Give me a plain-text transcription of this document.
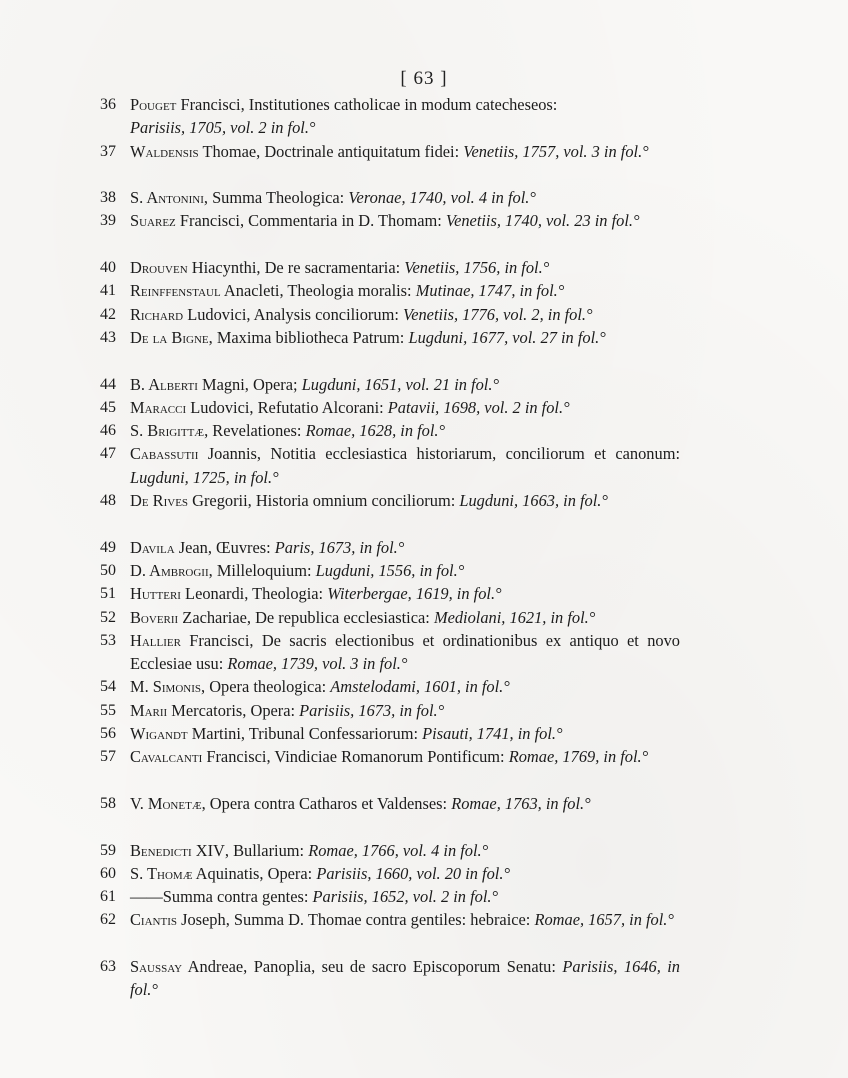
[ 63 ]
36 Pouget Francisci, Institutiones catholicae in modum catecheseos:
Parisiis, 1705, vol. 2 in fol.°
37 Waldensis Thomae, Doctrinale antiquitatum fidei: Venetiis, 1757, vol. 3 in fol.°
38 S. Antonini, Summa Theologica: Veronae, 1740, vol. 4 in fol.°
39 Suarez Francisci, Commentaria in D. Thomam: Venetiis, 1740, vol. 23 in fol.°
40 Drouven Hiacynthi, De re sacramentaria: Venetiis, 1756, in fol.°
41 Reinffenstaul Anacleti, Theologia moralis: Mutinae, 1747, in fol.°
42 Richard Ludovici, Analysis conciliorum: Venetiis, 1776, vol. 2, in fol.°
43 De la Bigne, Maxima bibliotheca Patrum: Lugduni, 1677, vol. 27 in fol.°
44 B. Alberti Magni, Opera; Lugduni, 1651, vol. 21 in fol.°
45 Maracci Ludovici, Refutatio Alcorani: Patavii, 1698, vol. 2 in fol.°
46 S. Brigittæ, Revelationes: Romae, 1628, in fol.°
47 Cabassutii Joannis, Notitia ecclesiastica historiarum, conciliorum et canonum: Lugduni, 1725, in fol.°
48 De Rives Gregorii, Historia omnium conciliorum: Lugduni, 1663, in fol.°
49 Davila Jean, Œuvres: Paris, 1673, in fol.°
50 D. Ambrogii, Milleloquium: Lugduni, 1556, in fol.°
51 Hutteri Leonardi, Theologia: Witerbergae, 1619, in fol.°
52 Boverii Zachariae, De republica ecclesiastica: Mediolani, 1621, in fol.°
53 Hallier Francisci, De sacris electionibus et ordinationibus ex antiquo et novo Ecclesiae usu: Romae, 1739, vol. 3 in fol.°
54 M. Simonis, Opera theologica: Amstelodami, 1601, in fol.°
55 Marii Mercatoris, Opera: Parisiis, 1673, in fol.°
56 Wigandt Martini, Tribunal Confessariorum: Pisauti, 1741, in fol.°
57 Cavalcanti Francisci, Vindiciae Romanorum Pontificum: Romae, 1769, in fol.°
58 V. Monetæ, Opera contra Catharos et Valdenses: Romae, 1763, in fol.°
59 Benedicti XIV, Bullarium: Romae, 1766, vol. 4 in fol.°
60 S. Thomæ Aquinatis, Opera: Parisiis, 1660, vol. 20 in fol.°
61 ——Summa contra gentes: Parisiis, 1652, vol. 2 in fol.°
62 Ciantis Joseph, Summa D. Thomae contra gentiles: hebraice: Romae, 1657, in fol.°
63 Saussay Andreae, Panoplia, seu de sacro Episcoporum Senatu: Parisiis, 1646, in fol.°
